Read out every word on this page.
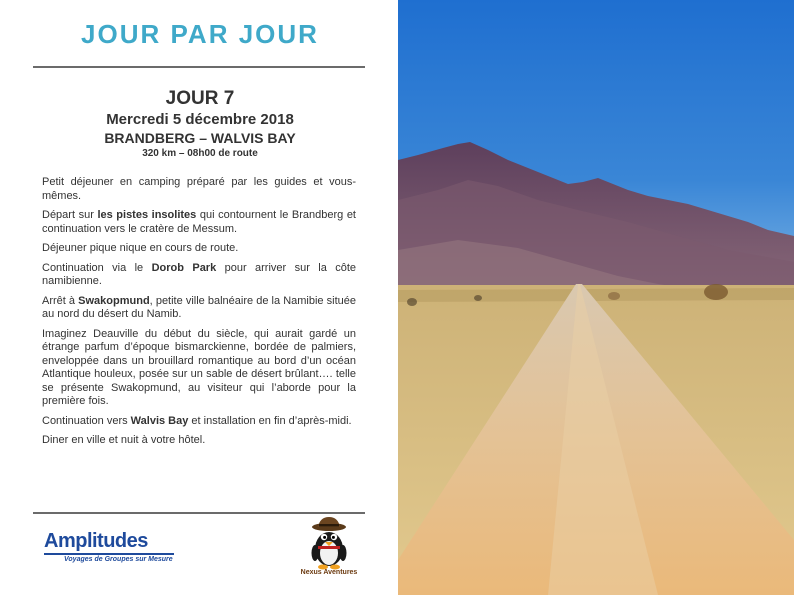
JOUR PAR JOUR
JOUR 7
Mercredi 5 décembre 2018
BRANDBERG – WALVIS BAY
320 km – 08h00 de route

Petit déjeuner en camping préparé par les guides et vous-mêmes.

Départ sur les pistes insolites qui contournent le Brandberg et continuation vers le cratère de Messum.

Déjeuner pique nique en cours de route.

Continuation via le Dorob Park pour arriver sur la côte namibienne.

Arrêt à Swakopmund, petite ville balnéaire de la Namibie située au nord du désert du Namib.

Imaginez Deauville du début du siècle, qui aurait gardé un étrange parfum d’époque bismarckienne, bordée de palmiers, enveloppée dans un brouillard romantique au bord d’un océan Atlantique houleux, posée sur un sable de désert brûlant…. telle se présente Swakopmund, au visiteur qui l’aborde pour la première fois.

Continuation vers Walvis Bay et installation en fin d’après-midi.

Diner en ville et nuit à votre hôtel.

Amplitudes
Voyages de Groupes sur Mesure
Nexus Aventures
